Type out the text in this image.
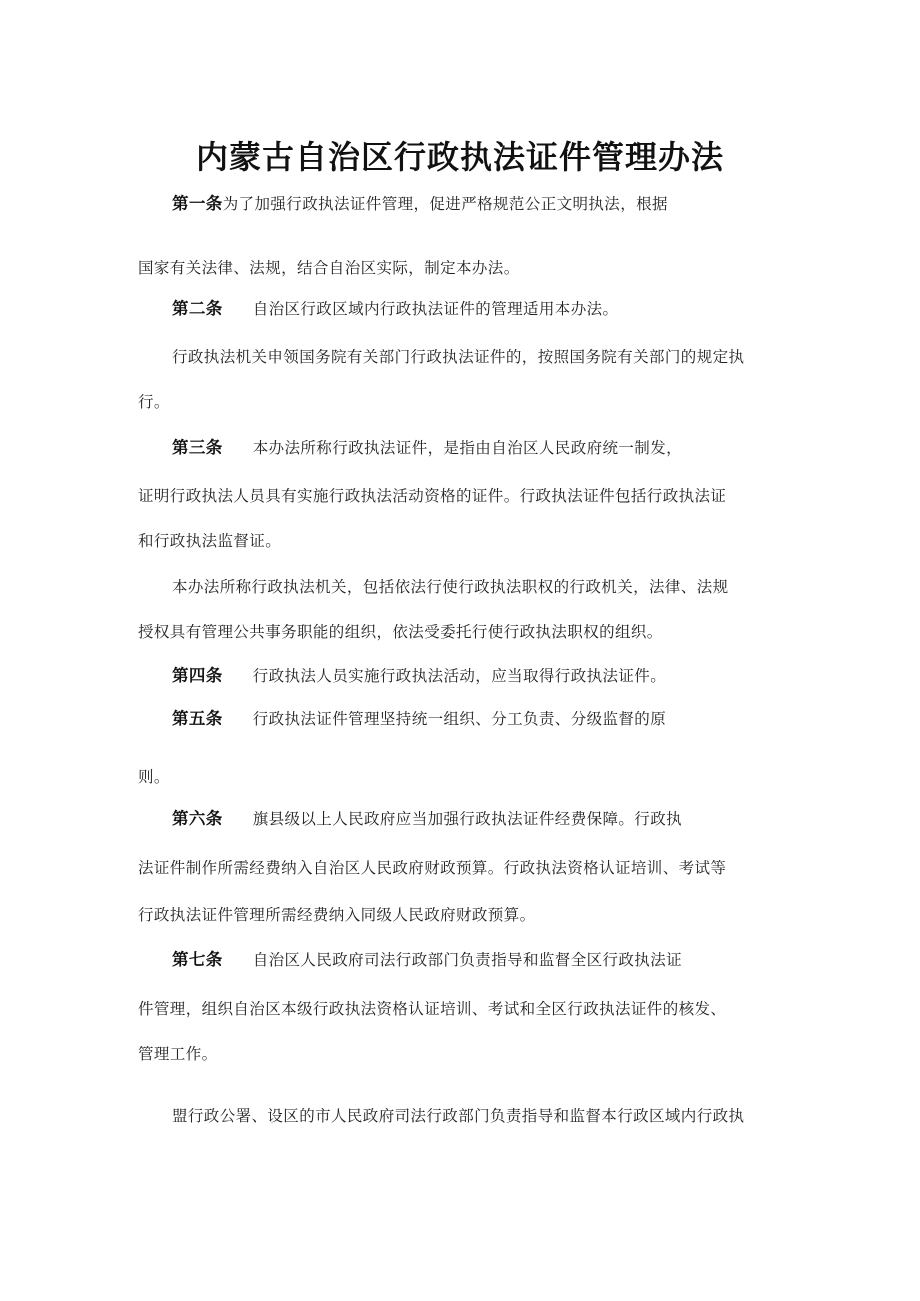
内蒙古自治区行政执法证件管理办法
第一条为了加强行政执法证件管理，促进严格规范公正文明执法，根据
国家有关法律、法规，结合自治区实际，制定本办法。
第二条 自治区行政区域内行政执法证件的管理适用本办法。
行政执法机关申领国务院有关部门行政执法证件的，按照国务院有关部门的规定执
行。
第三条 本办法所称行政执法证件，是指由自治区人民政府统一制发，
证明行政执法人员具有实施行政执法活动资格的证件。行政执法证件包括行政执法证
和行政执法监督证。
本办法所称行政执法机关，包括依法行使行政执法职权的行政机关，法律、法规
授权具有管理公共事务职能的组织，依法受委托行使行政执法职权的组织。
第四条 行政执法人员实施行政执法活动，应当取得行政执法证件。
第五条 行政执法证件管理坚持统一组织、分工负责、分级监督的原
则。
第六条 旗县级以上人民政府应当加强行政执法证件经费保障。行政执
法证件制作所需经费纳入自治区人民政府财政预算。行政执法资格认证培训、考试等
行政执法证件管理所需经费纳入同级人民政府财政预算。
第七条 自治区人民政府司法行政部门负责指导和监督全区行政执法证
件管理，组织自治区本级行政执法资格认证培训、考试和全区行政执法证件的核发、
管理工作。
盟行政公署、设区的市人民政府司法行政部门负责指导和监督本行政区域内行政执
